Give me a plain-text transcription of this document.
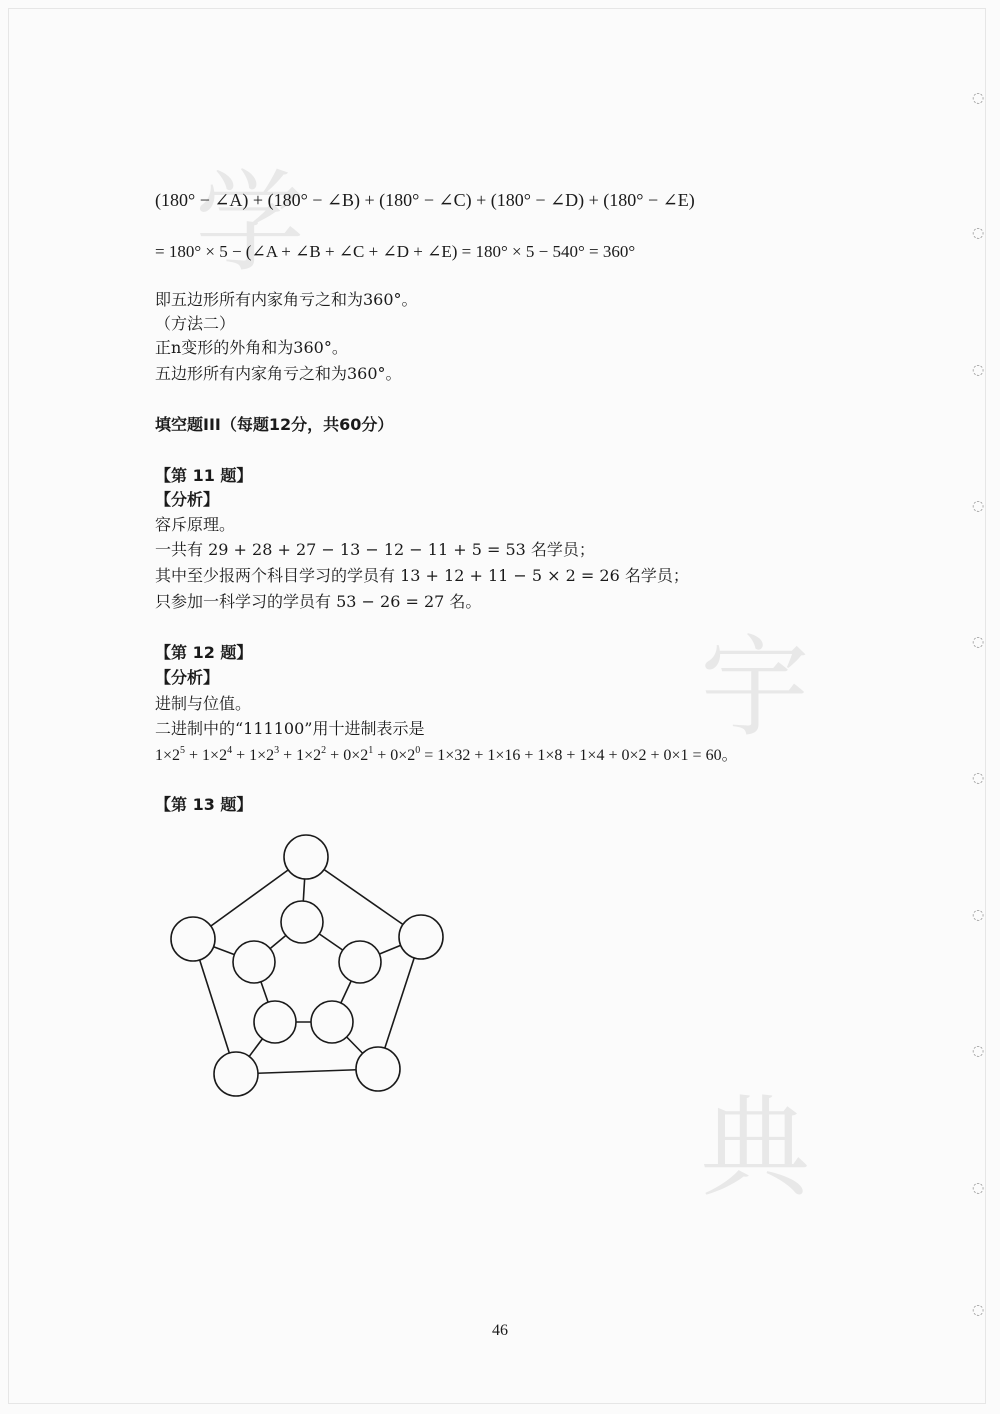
学
宇
典
◌
◌
◌
◌
◌
◌
◌
◌
◌
◌
(180° − ∠A) + (180° − ∠B) + (180° − ∠C) + (180° − ∠D) + (180° − ∠E)
= 180° × 5 − (∠A + ∠B + ∠C + ∠D + ∠E) = 180° × 5 − 540° = 360°
即五边形所有内家角亏之和为360°。
（方法二）
正n变形的外角和为360°。
五边形所有内家角亏之和为360°。
填空题III（每题12分，共60分）
【第 11 题】
【分析】
容斥原理。
一共有 29 + 28 + 27 − 13 − 12 − 11 + 5 = 53 名学员；
其中至少报两个科目学习的学员有 13 + 12 + 11 − 5 × 2 = 26 名学员；
只参加一科学习的学员有 53 − 26 = 27 名。
【第 12 题】
【分析】
进制与位值。
二进制中的“111100”用十进制表示是
$1\times 2^5 + 1\times 2^4 + 1\times 2^3 + 1\times 2^2 + 0\times 2^1 + 0\times 2^0 = 1\times 32 + 1\times 16 + 1\times 8 + 1\times 4 + 0\times 2 + 0\times 1 = 60$。
【第 13 题】
46
